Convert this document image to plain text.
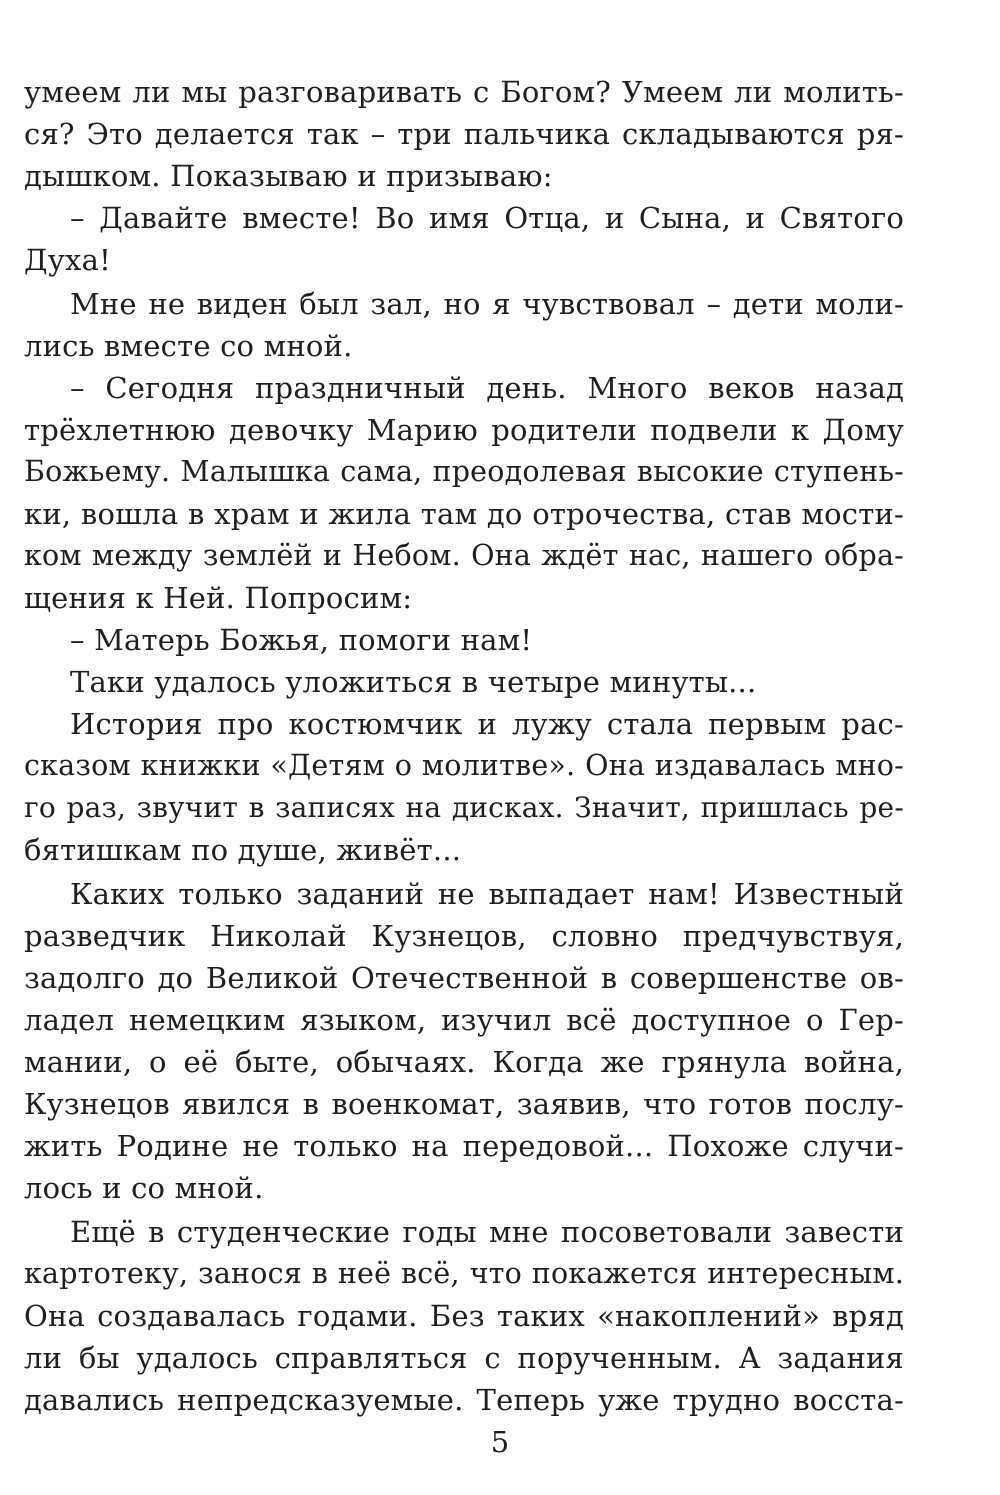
умеем ли мы разговаривать с Богом? Умеем ли молить-
ся? Это делается так – три пальчика складываются ря-
дышком. Показываю и призываю:
– Давайте вместе! Во имя Отца, и Сына, и Святого
Духа!
Мне не виден был зал, но я чувствовал – дети моли-
лись вместе со мной.
– Сегодня праздничный день. Много веков назад
трёхлетнюю девочку Марию родители подвели к Дому
Божьему. Малышка сама, преодолевая высокие ступень-
ки, вошла в храм и жила там до отрочества, став мости-
ком между землёй и Небом. Она ждёт нас, нашего обра-
щения к Ней. Попросим:
– Матерь Божья, помоги нам!
Таки удалось уложиться в четыре минуты...
История про костюмчик и лужу стала первым рас-
сказом книжки «Детям о молитве». Она издавалась мно-
го раз, звучит в записях на дисках. Значит, пришлась ре-
бятишкам по душе, живёт...
Каких только заданий не выпадает нам! Известный
разведчик Николай Кузнецов, словно предчувствуя,
задолго до Великой Отечественной в совершенстве ов-
ладел немецким языком, изучил всё доступное о Гер-
мании, о её быте, обычаях. Когда же грянула война,
Кузнецов явился в военкомат, заявив, что готов послу-
жить Родине не только на передовой... Похоже случи-
лось и со мной.
Ещё в студенческие годы мне посоветовали завести
картотеку, занося в неё всё, что покажется интересным.
Она создавалась годами. Без таких «накоплений» вряд
ли бы удалось справляться с порученным. А задания
давались непредсказуемые. Теперь уже трудно восста-
5
